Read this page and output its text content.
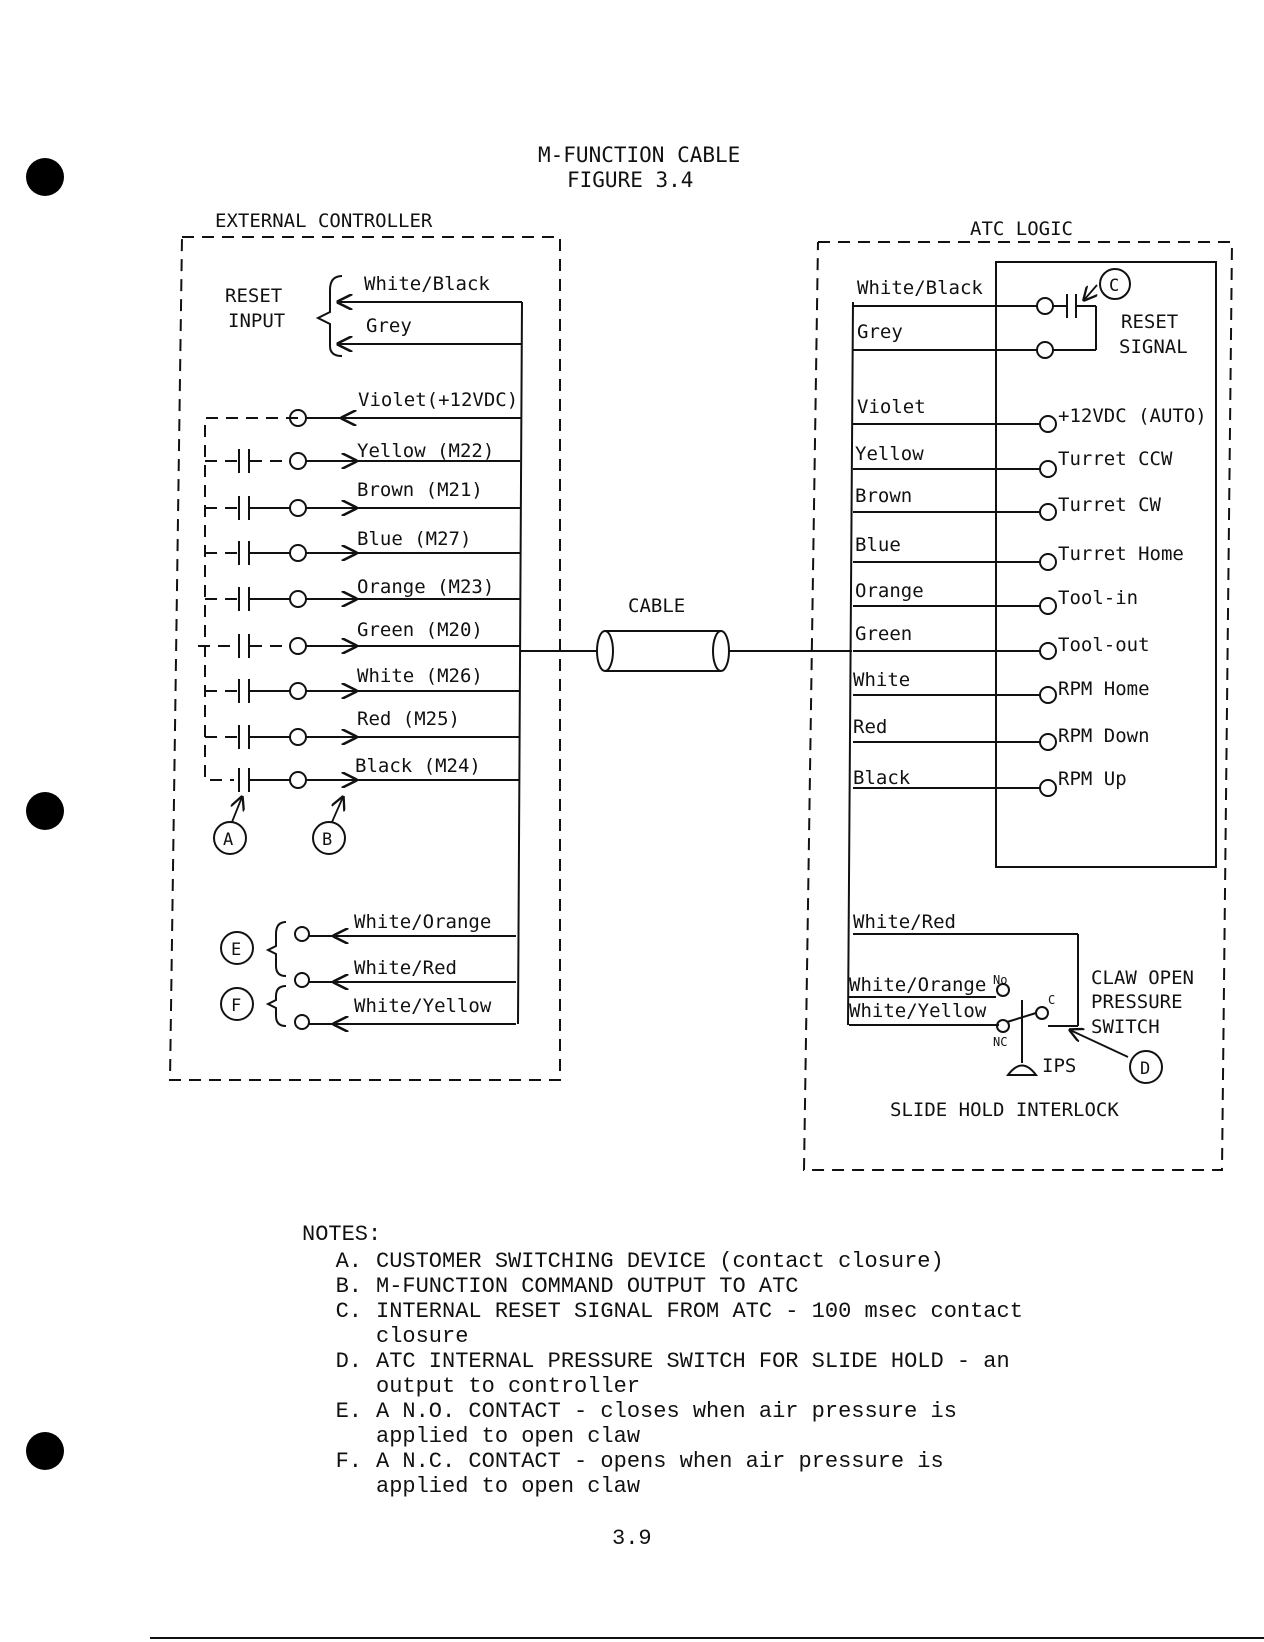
M-FUNCTION CABLE
FIGURE 3.4
EXTERNAL CONTROLLER
RESET
INPUT
White/Black
Grey
Violet(+12VDC)
Yellow (M22)
Brown (M21)
Blue (M27)
Orange (M23)
Green (M20)
White (M26)
Red (M25)
Black (M24)
A	B
White/Orange
White/Red
White/Yellow
E
F
CABLE
ATC LOGIC
White/Black
Grey
Violet
Yellow
Brown
Blue
Orange
Green
White
Red
Black
C
RESET
SIGNAL
+12VDC (AUTO)
Turret CCW
Turret CW
Turret Home
Tool-in
Tool-out
RPM Home
RPM Down
RPM Up
White/Red
White/Orange
White/Yellow
No
NC
C
IPS
CLAW OPEN
PRESSURE
SWITCH
D
SLIDE HOLD INTERLOCK
NOTES:
A. CUSTOMER SWITCHING DEVICE (contact closure)
B. M-FUNCTION COMMAND OUTPUT TO ATC
C. INTERNAL RESET SIGNAL FROM ATC - 100 msec contact
closure
D. ATC INTERNAL PRESSURE SWITCH FOR SLIDE HOLD - an
output to controller
E. A N.O. CONTACT - closes when air pressure is
applied to open claw
F. A N.C. CONTACT - opens when air pressure is
applied to open claw
3.9
